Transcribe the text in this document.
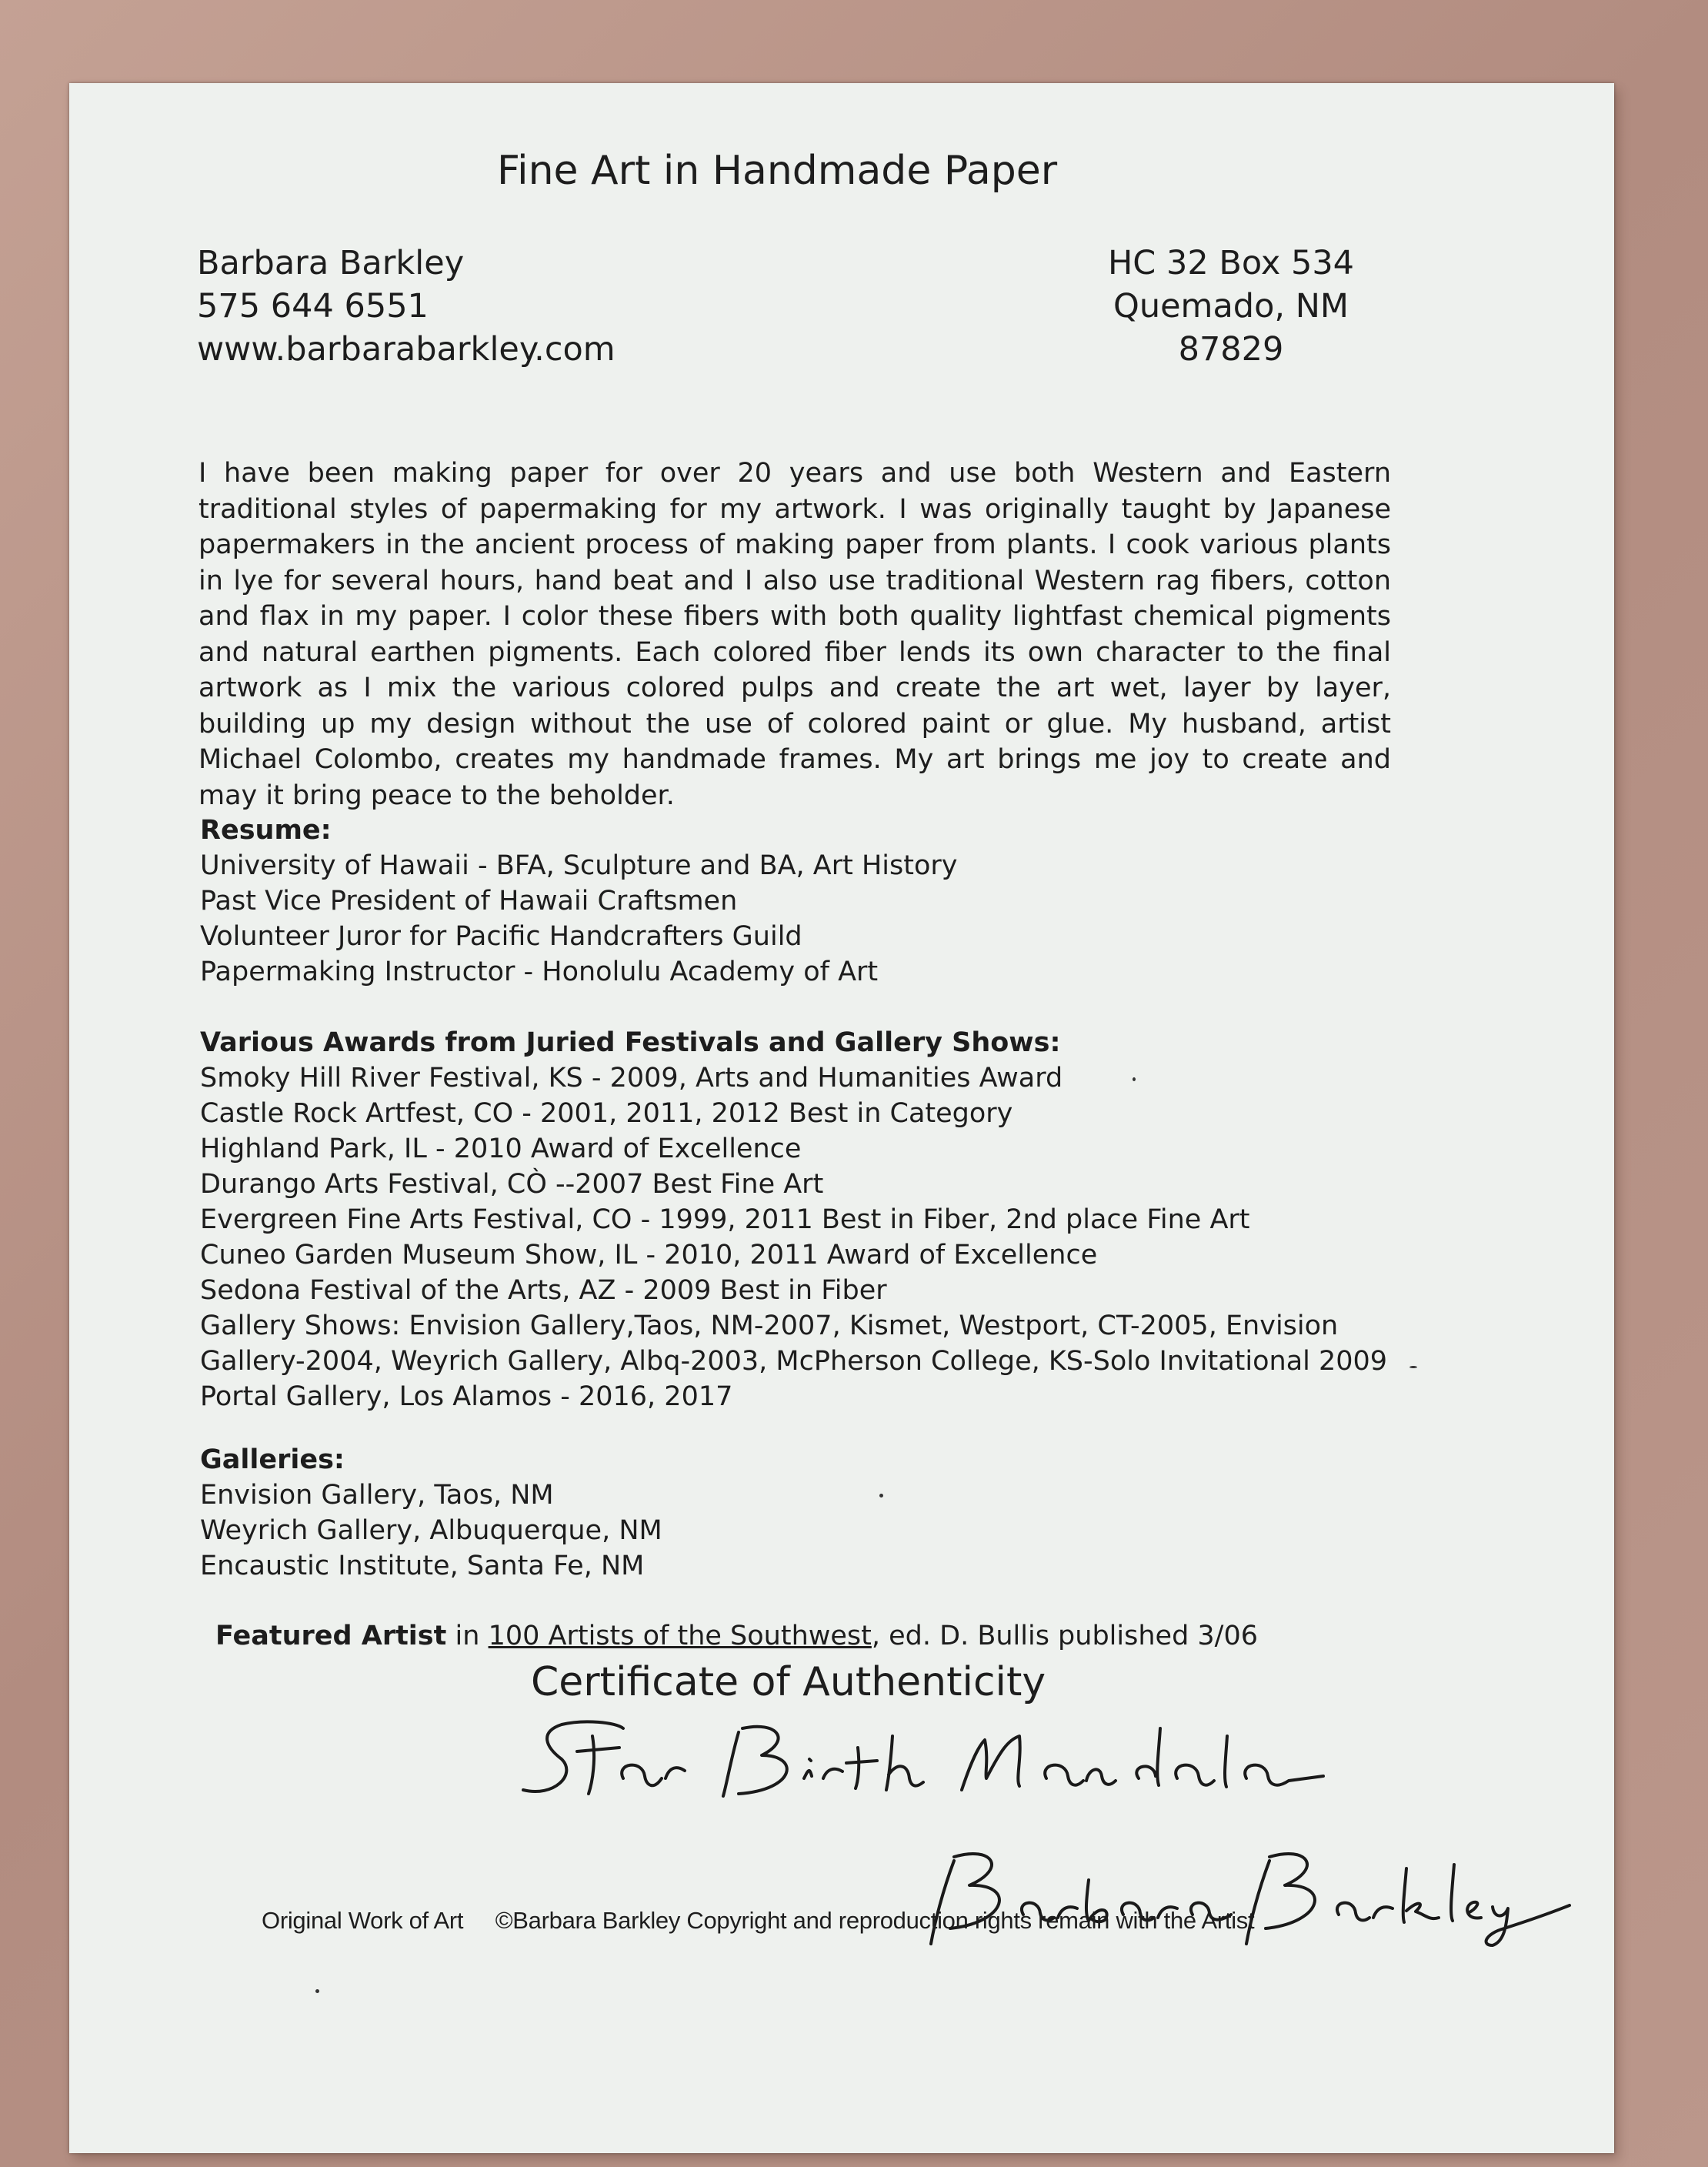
Fine Art in Handmade Paper
Barbara Barkley
575 644 6551
www.barbarabarkley.com
HC 32 Box 534
Quemado, NM
87829

I have been making paper for over 20 years and use both Western and Eastern traditional styles of papermaking for my artwork. I was originally taught by Japanese papermakers in the ancient process of making paper from plants. I cook various plants in lye for several hours, hand beat and I also use traditional Western rag fibers, cotton and flax in my paper. I color these fibers with both quality lightfast chemical pigments and natural earthen pigments. Each colored fiber lends its own character to the final artwork as I mix the various colored pulps and create the art wet, layer by layer, building up my design without the use of colored paint or glue. My husband, artist Michael Colombo, creates my handmade frames. My art brings me joy to create and may it bring peace to the beholder.

Resume:
University of Hawaii - BFA, Sculpture and BA, Art History
Past Vice President of Hawaii Craftsmen
Volunteer Juror for Pacific Handcrafters Guild
Papermaking Instructor - Honolulu Academy of Art
Various Awards from Juried Festivals and Gallery Shows:
Smoky Hill River Festival, KS - 2009, Arts and Humanities Award
Castle Rock Artfest, CO - 2001, 2011, 2012 Best in Category
Highland Park, IL - 2010 Award of Excellence
Durango Arts Festival, CÒ --2007 Best Fine Art
Evergreen Fine Arts Festival, CO - 1999, 2011 Best in Fiber, 2nd place Fine Art
Cuneo Garden Museum Show, IL - 2010, 2011 Award of Excellence
Sedona Festival of the Arts, AZ - 2009 Best in Fiber
Gallery Shows: Envision Gallery,Taos, NM-2007, Kismet, Westport, CT-2005, Envision
Gallery-2004, Weyrich Gallery, Albq-2003, McPherson College, KS-Solo Invitational 2009
Portal Gallery, Los Alamos - 2016, 2017
Galleries:
Envision Gallery, Taos, NM
Weyrich Gallery, Albuquerque, NM
Encaustic Institute, Santa Fe, NM
Featured Artist in 100 Artists of the Southwest, ed. D. Bullis published 3/06
Certificate of Authenticity
Original Work of Art ©Barbara Barkley Copyright and reproduction rights remain with the Artist
